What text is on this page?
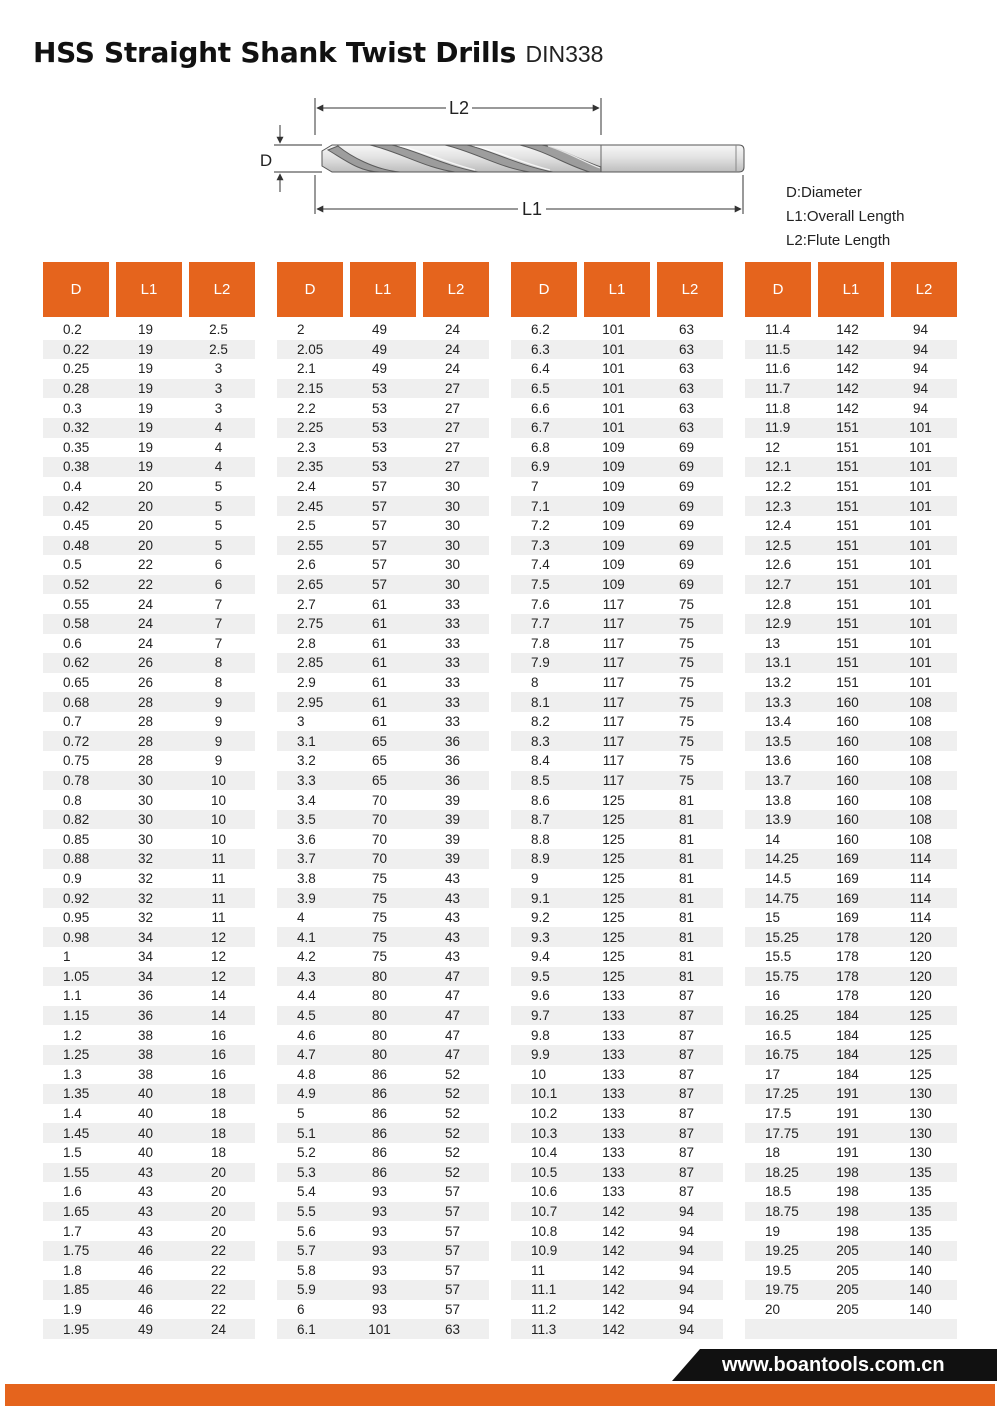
HSS Straight Shank Twist Drills DIN338
L2
L1
D
D:Diameter
L1:Overall Length
L2:Flute Length
D	L1	L2
0.2	19	2.5
0.22	19	2.5
0.25	19	3
0.28	19	3
0.3	19	3
0.32	19	4
0.35	19	4
0.38	19	4
0.4	20	5
0.42	20	5
0.45	20	5
0.48	20	5
0.5	22	6
0.52	22	6
0.55	24	7
0.58	24	7
0.6	24	7
0.62	26	8
0.65	26	8
0.68	28	9
0.7	28	9
0.72	28	9
0.75	28	9
0.78	30	10
0.8	30	10
0.82	30	10
0.85	30	10
0.88	32	11
0.9	32	11
0.92	32	11
0.95	32	11
0.98	34	12
1	34	12
1.05	34	12
1.1	36	14
1.15	36	14
1.2	38	16
1.25	38	16
1.3	38	16
1.35	40	18
1.4	40	18
1.45	40	18
1.5	40	18
1.55	43	20
1.6	43	20
1.65	43	20
1.7	43	20
1.75	46	22
1.8	46	22
1.85	46	22
1.9	46	22
1.95	49	24
D	L1	L2
2	49	24
2.05	49	24
2.1	49	24
2.15	53	27
2.2	53	27
2.25	53	27
2.3	53	27
2.35	53	27
2.4	57	30
2.45	57	30
2.5	57	30
2.55	57	30
2.6	57	30
2.65	57	30
2.7	61	33
2.75	61	33
2.8	61	33
2.85	61	33
2.9	61	33
2.95	61	33
3	61	33
3.1	65	36
3.2	65	36
3.3	65	36
3.4	70	39
3.5	70	39
3.6	70	39
3.7	70	39
3.8	75	43
3.9	75	43
4	75	43
4.1	75	43
4.2	75	43
4.3	80	47
4.4	80	47
4.5	80	47
4.6	80	47
4.7	80	47
4.8	86	52
4.9	86	52
5	86	52
5.1	86	52
5.2	86	52
5.3	86	52
5.4	93	57
5.5	93	57
5.6	93	57
5.7	93	57
5.8	93	57
5.9	93	57
6	93	57
6.1	101	63
D	L1	L2
6.2	101	63
6.3	101	63
6.4	101	63
6.5	101	63
6.6	101	63
6.7	101	63
6.8	109	69
6.9	109	69
7	109	69
7.1	109	69
7.2	109	69
7.3	109	69
7.4	109	69
7.5	109	69
7.6	117	75
7.7	117	75
7.8	117	75
7.9	117	75
8	117	75
8.1	117	75
8.2	117	75
8.3	117	75
8.4	117	75
8.5	117	75
8.6	125	81
8.7	125	81
8.8	125	81
8.9	125	81
9	125	81
9.1	125	81
9.2	125	81
9.3	125	81
9.4	125	81
9.5	125	81
9.6	133	87
9.7	133	87
9.8	133	87
9.9	133	87
10	133	87
10.1	133	87
10.2	133	87
10.3	133	87
10.4	133	87
10.5	133	87
10.6	133	87
10.7	142	94
10.8	142	94
10.9	142	94
11	142	94
11.1	142	94
11.2	142	94
11.3	142	94
D	L1	L2
11.4	142	94
11.5	142	94
11.6	142	94
11.7	142	94
11.8	142	94
11.9	151	101
12	151	101
12.1	151	101
12.2	151	101
12.3	151	101
12.4	151	101
12.5	151	101
12.6	151	101
12.7	151	101
12.8	151	101
12.9	151	101
13	151	101
13.1	151	101
13.2	151	101
13.3	160	108
13.4	160	108
13.5	160	108
13.6	160	108
13.7	160	108
13.8	160	108
13.9	160	108
14	160	108
14.25	169	114
14.5	169	114
14.75	169	114
15	169	114
15.25	178	120
15.5	178	120
15.75	178	120
16	178	120
16.25	184	125
16.5	184	125
16.75	184	125
17	184	125
17.25	191	130
17.5	191	130
17.75	191	130
18	191	130
18.25	198	135
18.5	198	135
18.75	198	135
19	198	135
19.25	205	140
19.5	205	140
19.75	205	140
20	205	140
www.boantools.com.cn
